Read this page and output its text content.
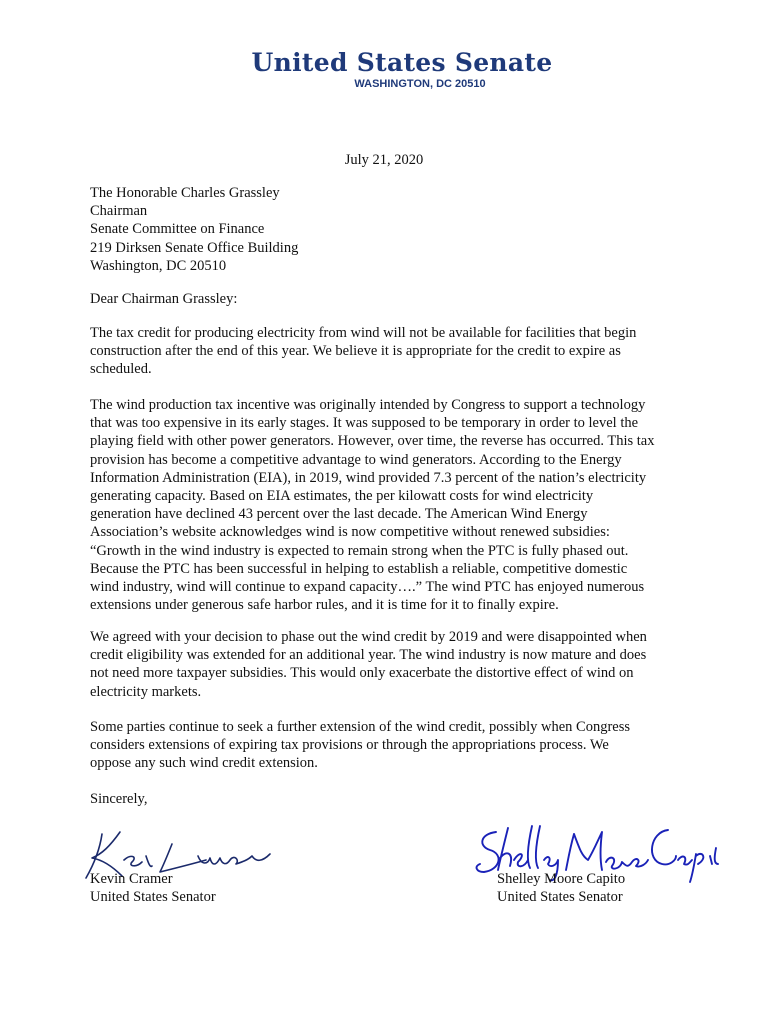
United States Senate
WASHINGTON, DC 20510
July 21, 2020
The Honorable Charles Grassley
Chairman
Senate Committee on Finance
219 Dirksen Senate Office Building
Washington, DC 20510
Dear Chairman Grassley:
The tax credit for producing electricity from wind will not be available for facilities that begin
construction after the end of this year. We believe it is appropriate for the credit to expire as
scheduled.
The wind production tax incentive was originally intended by Congress to support a technology
that was too expensive in its early stages. It was supposed to be temporary in order to level the
playing field with other power generators. However, over time, the reverse has occurred. This tax
provision has become a competitive advantage to wind generators. According to the Energy
Information Administration (EIA), in 2019, wind provided 7.3 percent of the nation’s electricity
generating capacity. Based on EIA estimates, the per kilowatt costs for wind electricity
generation have declined 43 percent over the last decade. The American Wind Energy
Association’s website acknowledges wind is now competitive without renewed subsidies:
“Growth in the wind industry is expected to remain strong when the PTC is fully phased out.
Because the PTC has been successful in helping to establish a reliable, competitive domestic
wind industry, wind will continue to expand capacity….” The wind PTC has enjoyed numerous
extensions under generous safe harbor rules, and it is time for it to finally expire.
We agreed with your decision to phase out the wind credit by 2019 and were disappointed when
credit eligibility was extended for an additional year. The wind industry is now mature and does
not need more taxpayer subsidies. This would only exacerbate the distortive effect of wind on
electricity markets.
Some parties continue to seek a further extension of the wind credit, possibly when Congress
considers extensions of expiring tax provisions or through the appropriations process. We
oppose any such wind credit extension.
Sincerely,
Kevin Cramer
United States Senator
Shelley Moore Capito
United States Senator
